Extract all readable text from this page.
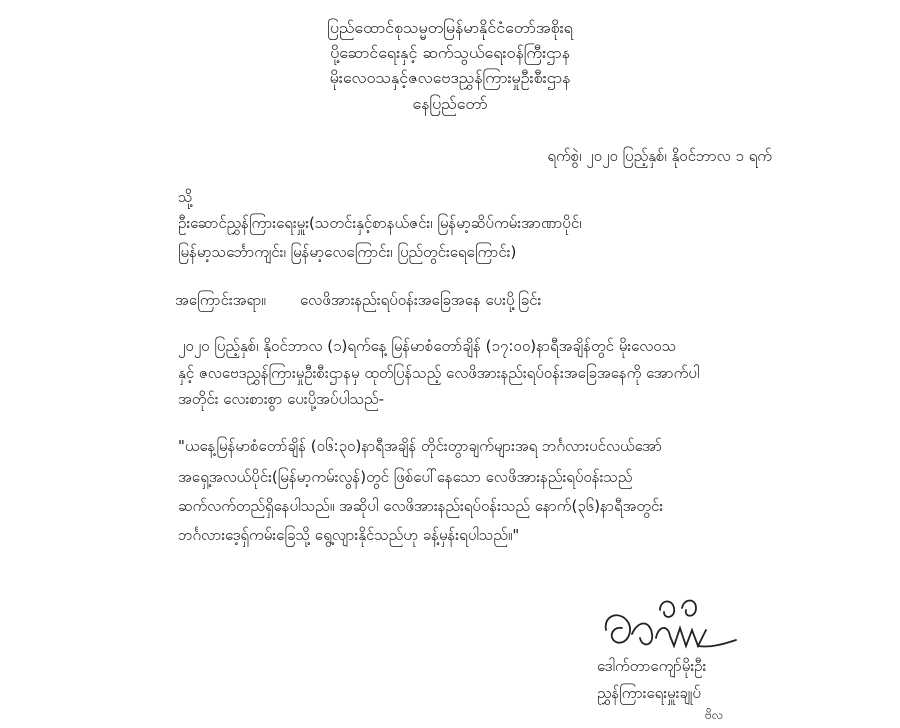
ပြည်ထောင်စုသမ္မတမြန်မာနိုင်ငံတော်အစိုးရ
ပို့ဆောင်ရေးနှင့် ဆက်သွယ်ရေးဝန်ကြီးဌာန
မိုးလေဝသနှင့်ဇလဗေဒညွှန်ကြားမှုဦးစီးဌာန
နေပြည်တော်
ရက်စွဲ၊ ၂၀၂၀ ပြည့်နှစ်၊ နိုဝင်ဘာလ ၁ ရက်
သို့
ဦးဆောင်ညွှန်ကြားရေးမှူး(သတင်းနှင့်စာနယ်ဇင်း၊ မြန်မာ့ဆိပ်ကမ်းအာဏာပိုင်၊
မြန်မာ့သင်္ဘောကျင်း၊ မြန်မာ့လေကြောင်း၊ ပြည်တွင်းရေကြောင်း)
အကြောင်းအရာ။ လေဖိအားနည်းရပ်ဝန်းအခြေအနေ ပေးပို့ခြင်း
၂၀၂၀ ပြည့်နှစ်၊ နိုဝင်ဘာလ (၁)ရက်နေ့ မြန်မာစံတော်ချိန် (၁၇:၀၀)နာရီအချိန်တွင် မိုးလေဝသ
နှင့် ဇလဗေဒညွှန်ကြားမှုဦးစီးဌာနမှ ထုတ်ပြန်သည့် လေဖိအားနည်းရပ်ဝန်းအခြေအနေကို အောက်ပါ
အတိုင်း လေးစားစွာ ပေးပို့အပ်ပါသည်-
"ယနေ့မြန်မာစံတော်ချိန် (၀၆:၃၀)နာရီအချိန် တိုင်းတွာချက်များအရ ဘင်္ဂလားပင်လယ်အော်
အရှေ့အလယ်ပိုင်း(မြန်မာ့ကမ်းလွန်)တွင် ဖြစ်ပေါ်နေသော လေဖိအားနည်းရပ်ဝန်းသည်
ဆက်လက်တည်ရှိနေပါသည်။ အဆိုပါ လေဖိအားနည်းရပ်ဝန်းသည် နောက်(၃၆)နာရီအတွင်း
ဘင်္ဂလားဒေ့ရှ်ကမ်းခြေသို့ ရွေ့လျားနိုင်သည်ဟု ခန့်မှန်းရပါသည်။"
ဒေါက်တာကျော်မိုးဦး
ညွှန်ကြားရေးမှူးချုပ်
ဗိလ
